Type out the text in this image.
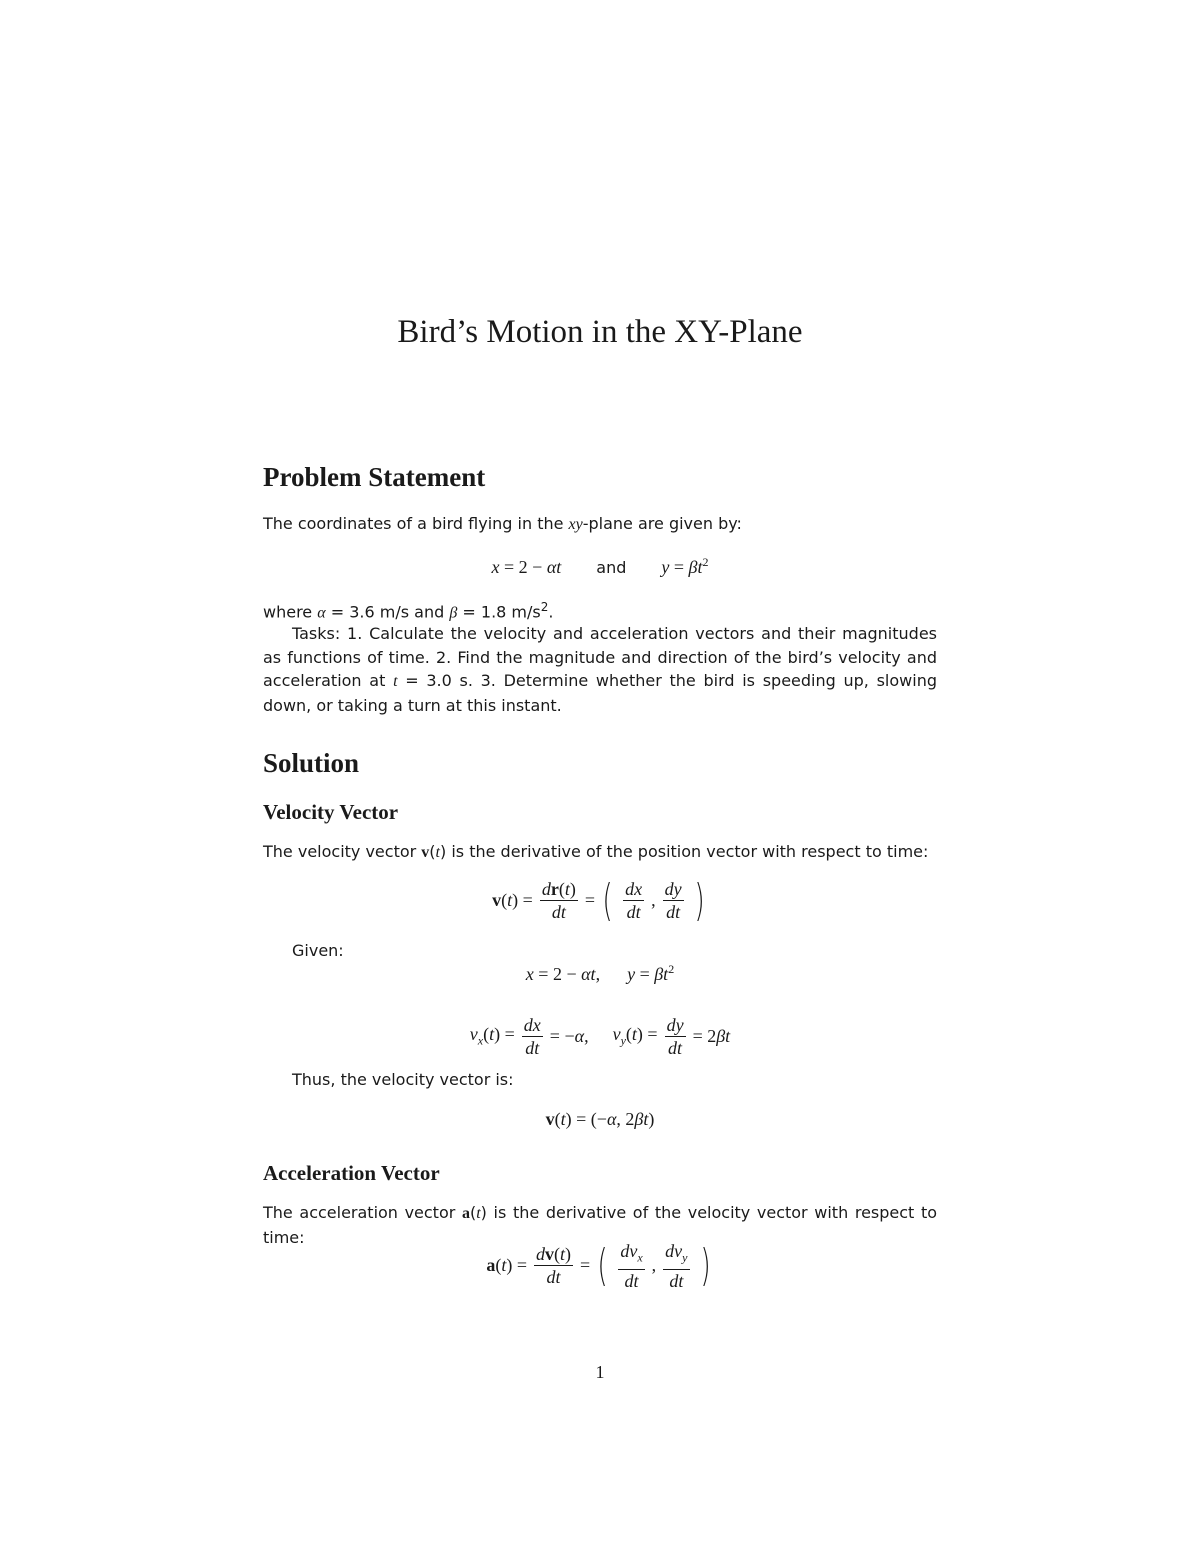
Bird’s Motion in the XY-Plane
Problem Statement

The coordinates of a bird flying in the xy-plane are given by:

x = 2 − αt and $y = \beta t^2$

where α = 3.6 m/s and β = 1.8 $m/s^2$.

Tasks: 1. Calculate the velocity and acceleration vectors and their magnitudes as functions of time. 2. Find the magnitude and direction of the bird’s velocity and acceleration at t = 3.0 s. 3. Determine whether the bird is speeding up, slowing down, or taking a turn at this instant.

Solution
Velocity Vector

The velocity vector v(t) is the derivative of the position vector with respect to time:

$v(t) = \frac{dr(t)}{dt}$ = ( $\frac{dx}{dt}$ , $\frac{dy}{dt}$ )

Given:

x = 2 − αt,  $y = \beta t^2$
$v_x(t) = \frac{dx}{dt} = -\alpha$, $v_y(t) = \frac{dy}{dt} = 2\beta t$

Thus, the velocity vector is:

v(t) = (−α, 2βt)
Acceleration Vector

The acceleration vector a(t) is the derivative of the velocity vector with respect to time:

$a(t) = \frac{dv(t)}{dt}$ = ( $\frac{dv_x}{dt}$ , $\frac{dv_y}{dt}$ )
1
